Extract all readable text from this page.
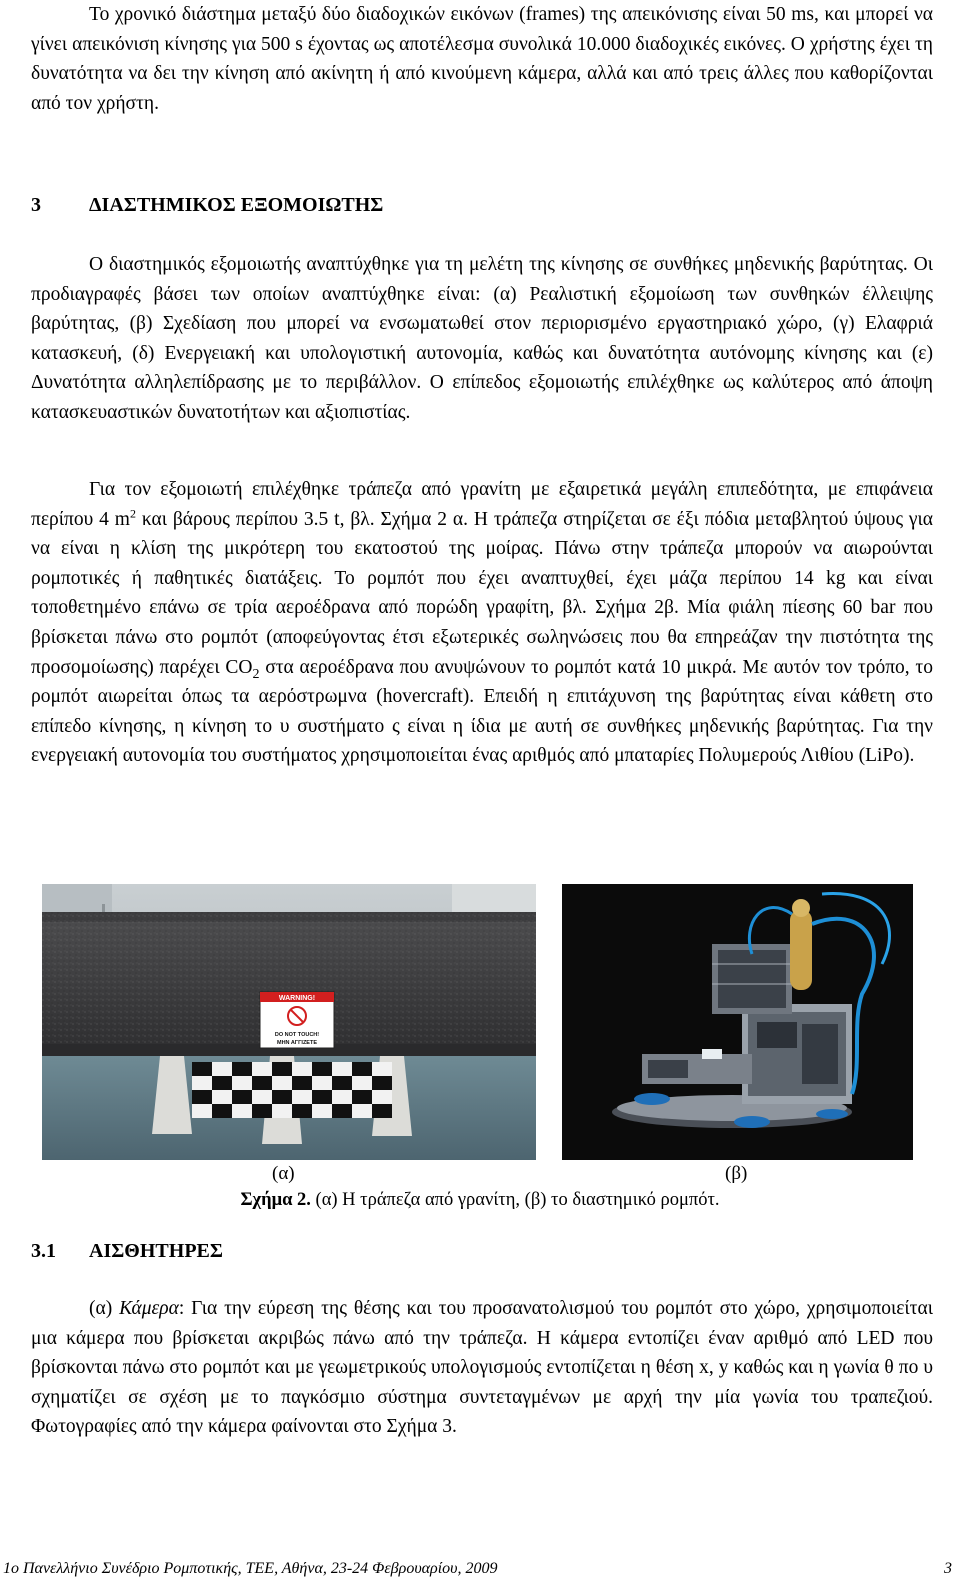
Το χρονικό διάστημα μεταξύ δύο διαδοχικών εικόνων (frames) της απεικόνισης είναι 50 ms, και μπορεί να γίνει απεικόνιση κίνησης για 500 s έχοντας ως αποτέλεσμα συνολικά 10.000 διαδοχικές εικόνες. Ο χρήστης έχει τη δυνατότητα να δει την κίνηση από ακίνητη ή από κινούμενη κάμερα, αλλά και από τρεις άλλες που καθορίζονται από τον χρήστη.

3 ΔΙΑΣΤΗΜΙΚΟΣ ΕΞΟΜΟΙΩΤΗΣ

Ο διαστημικός εξομοιωτής αναπτύχθηκε για τη μελέτη της κίνησης σε συνθήκες μηδενικής βαρύτητας. Οι προδιαγραφές βάσει των οποίων αναπτύχθηκε είναι: (α) Ρεαλιστική εξομοίωση των συνθηκών έλλειψης βαρύτητας, (β) Σχεδίαση που μπορεί να ενσωματωθεί στον περιορισμένο εργαστηριακό χώρο, (γ) Ελαφριά κατασκευή, (δ) Ενεργειακή και υπολογιστική αυτονομία, καθώς και δυνατότητα αυτόνομης κίνησης και (ε) Δυνατότητα αλληλεπίδρασης με το περιβάλλον. Ο επίπεδος εξομοιωτής επιλέχθηκε ως καλύτερος από άποψη κατασκευαστικών δυνατοτήτων και αξιοπιστίας.

Για τον εξομοιωτή επιλέχθηκε τράπεζα από γρανίτη με εξαιρετικά μεγάλη επιπεδότητα, με επιφάνεια περίπου 4 $m^2$ και βάρους περίπου 3.5 t, βλ. Σχήμα 2 α. Η τράπεζα στηρίζεται σε έξι πόδια μεταβλητού ύψους για να είναι η κλίση της μικρότερη του εκατοστού της μοίρας. Πάνω στην τράπεζα μπορούν να αιωρούνται ρομποτικές ή παθητικές διατάξεις. Το ρομπότ που έχει αναπτυχθεί, έχει μάζα περίπου 14 kg και είναι τοποθετημένο επάνω σε τρία αεροέδρανα από πορώδη γραφίτη, βλ. Σχήμα 2β. Μία φιάλη πίεσης 60 bar που βρίσκεται πάνω στο ρομπότ (αποφεύγοντας έτσι εξωτερικές σωληνώσεις που θα επηρεάζαν την πιστότητα της προσομοίωσης) παρέχει $CO_2$ στα αεροέδρανα που ανυψώνουν το ρομπότ κατά 10 μικρά. Με αυτόν τον τρόπο, το ρομπότ αιωρείται όπως τα αερόστρωμνα (hovercraft). Επειδή η επιτάχυνση της βαρύτητας είναι κάθετη στο επίπεδο κίνησης, η κίνηση το υ συστήματο ς είναι η ίδια με αυτή σε συνθήκες μηδενικής βαρύτητας. Για την ενεργειακή αυτονομία του συστήματος χρησιμοποιείται ένας αριθμός από μπαταρίες Πολυμερούς Λιθίου (LiPo).

WARNING!
DO NOT TOUCH!
ΜΗΝ ΑΓΓΙΖΕΤΕ
(α)	(β)
Σχήμα 2. (α) Η τράπεζα από γρανίτη, (β) το διαστημικό ρομπότ.
3.1 ΑΙΣΘΗΤΗΡΕΣ

(α) Κάμερα: Για την εύρεση της θέσης και του προσανατολισμού του ρομπότ στο χώρο, χρησιμοποιείται μια κάμερα που βρίσκεται ακριβώς πάνω από την τράπεζα. Η κάμερα εντοπίζει έναν αριθμό από LED που βρίσκονται πάνω στο ρομπότ και με γεωμετρικούς υπολογισμούς εντοπίζεται η θέση x, y καθώς και η γωνία θ πο υ σχηματίζει σε σχέση με το παγκόσμιο σύστημα συντεταγμένων με αρχή την μία γωνία του τραπεζιού. Φωτογραφίες από την κάμερα φαίνονται στο Σχήμα 3.

1ο Πανελλήνιο Συνέδριο Ρομποτικής, ΤΕΕ, Αθήνα, 23-24 Φεβρουαρίου, 2009	3
